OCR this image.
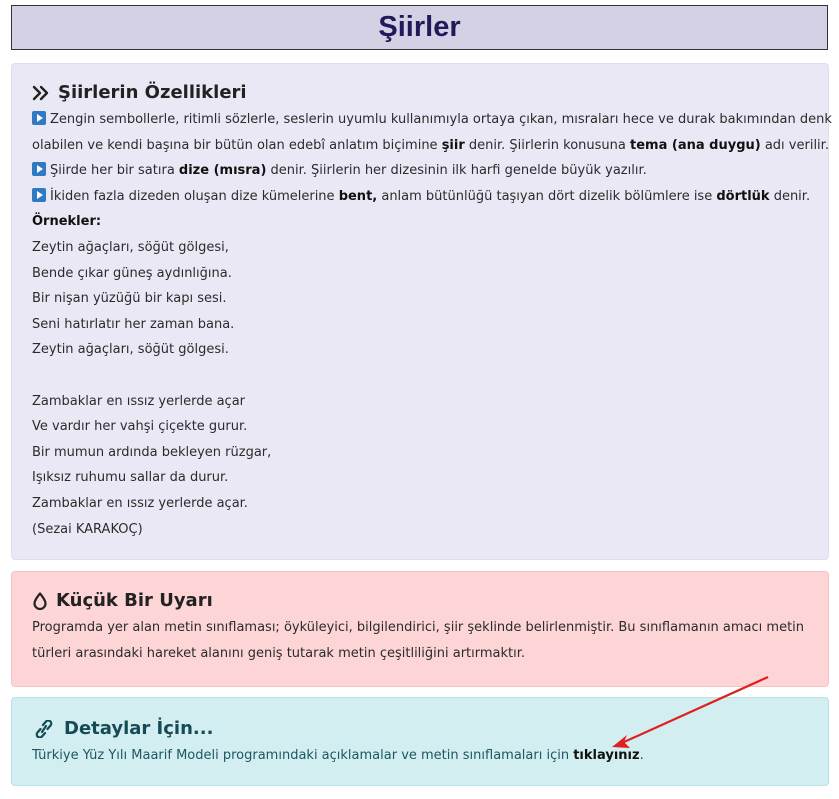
Şiirler
Şiirlerin Özellikleri
Zengin sembollerle, ritimli sözlerle, seslerin uyumlu kullanımıyla ortaya çıkan, mısraları hece ve durak bakımından denk
olabilen ve kendi başına bir bütün olan edebî anlatım biçimine şiir denir. Şiirlerin konusuna tema (ana duygu) adı verilir.
Şiirde her bir satıra dize (mısra) denir. Şiirlerin her dizesinin ilk harfi genelde büyük yazılır.
İkiden fazla dizeden oluşan dize kümelerine bent, anlam bütünlüğü taşıyan dört dizelik bölümlere ise dörtlük denir.
Örnekler:
Zeytin ağaçları, söğüt gölgesi,
Bende çıkar güneş aydınlığına.
Bir nişan yüzüğü bir kapı sesi.
Seni hatırlatır her zaman bana.
Zeytin ağaçları, söğüt gölgesi.
Zambaklar en ıssız yerlerde açar
Ve vardır her vahşi çiçekte gurur.
Bir mumun ardında bekleyen rüzgar,
Işıksız ruhumu sallar da durur.
Zambaklar en ıssız yerlerde açar.
(Sezai KARAKOÇ)
Küçük Bir Uyarı
Programda yer alan metin sınıflaması; öyküleyici, bilgilendirici, şiir şeklinde belirlenmiştir. Bu sınıflamanın amacı metin
türleri arasındaki hareket alanını geniş tutarak metin çeşitliliğini artırmaktır.
Detaylar İçin...
Türkiye Yüz Yılı Maarif Modeli programındaki açıklamalar ve metin sınıflamaları için tıklayınız.
